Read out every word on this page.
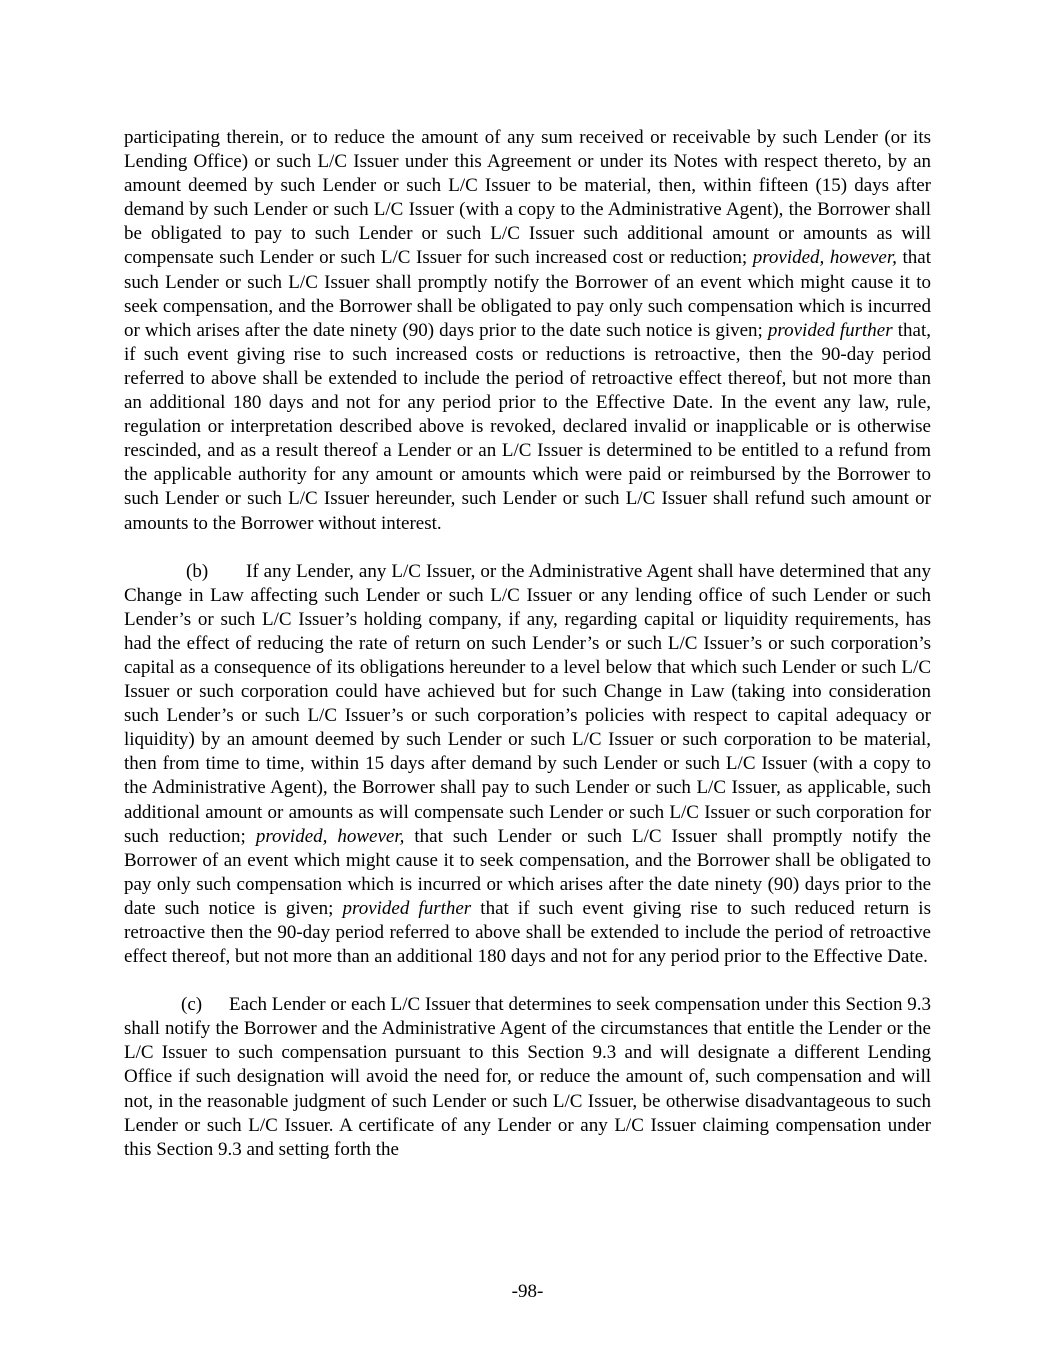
participating therein, or to reduce the amount of any sum received or receivable by such Lender (or its Lending Office) or such L/C Issuer under this Agreement or under its Notes with respect thereto, by an amount deemed by such Lender or such L/C Issuer to be material, then, within fifteen (15) days after demand by such Lender or such L/C Issuer (with a copy to the Administrative Agent), the Borrower shall be obligated to pay to such Lender or such L/C Issuer such additional amount or amounts as will compensate such Lender or such L/C Issuer for such increased cost or reduction; provided, however, that such Lender or such L/C Issuer shall promptly notify the Borrower of an event which might cause it to seek compensation, and the Borrower shall be obligated to pay only such compensation which is incurred or which arises after the date ninety (90) days prior to the date such notice is given; provided further that, if such event giving rise to such increased costs or reductions is retroactive, then the 90-day period referred to above shall be extended to include the period of retroactive effect thereof, but not more than an additional 180 days and not for any period prior to the Effective Date. In the event any law, rule, regulation or interpretation described above is revoked, declared invalid or inapplicable or is otherwise rescinded, and as a result thereof a Lender or an L/C Issuer is determined to be entitled to a refund from the applicable authority for any amount or amounts which were paid or reimbursed by the Borrower to such Lender or such L/C Issuer hereunder, such Lender or such L/C Issuer shall refund such amount or amounts to the Borrower without interest.

(b) If any Lender, any L/C Issuer, or the Administrative Agent shall have determined that any Change in Law affecting such Lender or such L/C Issuer or any lending office of such Lender or such Lender’s or such L/C Issuer’s holding company, if any, regarding capital or liquidity requirements, has had the effect of reducing the rate of return on such Lender’s or such L/C Issuer’s or such corporation’s capital as a consequence of its obligations hereunder to a level below that which such Lender or such L/C Issuer or such corporation could have achieved but for such Change in Law (taking into consideration such Lender’s or such L/C Issuer’s or such corporation’s policies with respect to capital adequacy or liquidity) by an amount deemed by such Lender or such L/C Issuer or such corporation to be material, then from time to time, within 15 days after demand by such Lender or such L/C Issuer (with a copy to the Administrative Agent), the Borrower shall pay to such Lender or such L/C Issuer, as applicable, such additional amount or amounts as will compensate such Lender or such L/C Issuer or such corporation for such reduction; provided, however, that such Lender or such L/C Issuer shall promptly notify the Borrower of an event which might cause it to seek compensation, and the Borrower shall be obligated to pay only such compensation which is incurred or which arises after the date ninety (90) days prior to the date such notice is given; provided further that if such event giving rise to such reduced return is retroactive then the 90-day period referred to above shall be extended to include the period of retroactive effect thereof, but not more than an additional 180 days and not for any period prior to the Effective Date.

(c) Each Lender or each L/C Issuer that determines to seek compensation under this Section 9.3 shall notify the Borrower and the Administrative Agent of the circumstances that entitle the Lender or the L/C Issuer to such compensation pursuant to this Section 9.3 and will designate a different Lending Office if such designation will avoid the need for, or reduce the amount of, such compensation and will not, in the reasonable judgment of such Lender or such L/C Issuer, be otherwise disadvantageous to such Lender or such L/C Issuer. A certificate of any Lender or any L/C Issuer claiming compensation under this Section 9.3 and setting forth the

-98-
